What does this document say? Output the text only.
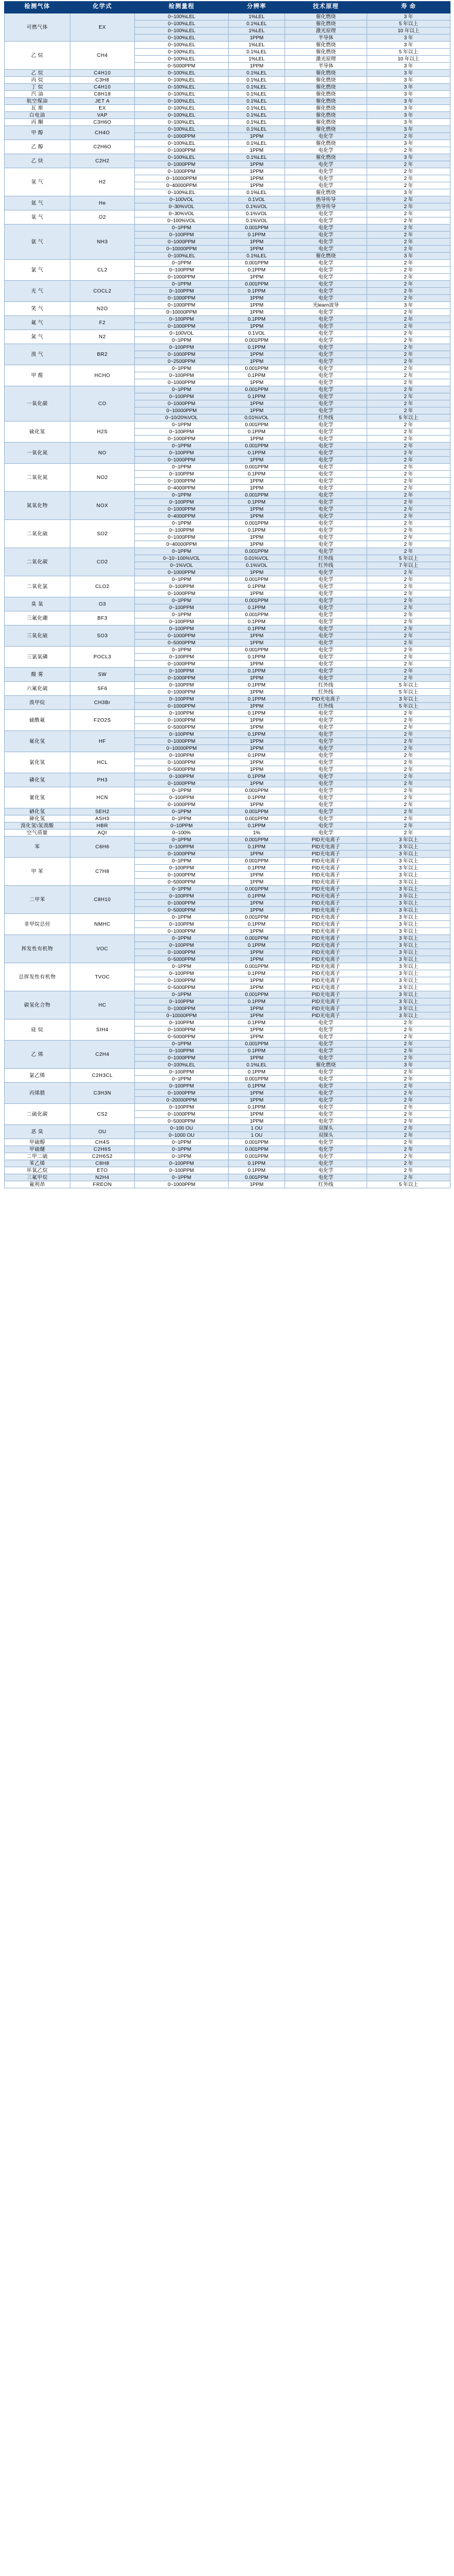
检测气体	化学式	检测量程	分辨率	技术原理	寿 命
可燃气体	EX	0~100%LEL	1%LEL	催化燃烧	3 年
		0~100%LEL	0.1%LEL	催化燃烧	5 年以上
		0~100%LEL	1%LEL	激光原理	10 年以上
		0~100%LEL	1PPM	半导体	3 年
乙 烷	CH4	0~100%LEL	1%LEL	催化燃烧	3 年
		0~100%LEL	0.1%LEL	催化燃烧	5 年以上
		0~100%LEL	1%LEL	激光原理	10 年以上
		0~5000PPM	1PPM	半导体	3 年
乙 烷	C4H10	0~100%LEL	0.1%LEL	催化燃烧	3 年
丙 烷	C3H8	0~100%LEL	0.1%LEL	催化燃烧	3 年
丁 烷	C4H10	0~100%LEL	0.1%LEL	催化燃烧	3 年
汽 油	C8H18	0~100%LEL	0.1%LEL	催化燃烧	3 年
航空煤油	JET A	0~100%LEL	0.1%LEL	催化燃烧	3 年
瓦 斯	EX	0~100%LEL	0.1%LEL	催化燃烧	3 年
白电油	VAP	0~100%LEL	0.1%LEL	催化燃烧	3 年
丙 酮	C3H6O	0~100%LEL	0.1%LEL	催化燃烧	3 年
甲 醇	CH4O	0~100%LEL	0.1%LEL	催化燃烧	3 年
		0~1000PPM	1PPM	电化学	2 年
乙 醇	C2H6O	0~100%LEL	0.1%LEL	催化燃烧	3 年
		0~1000PPM	1PPM	电化学	2 年
乙 炔	C2H2	0~100%LEL	0.1%LEL	催化燃烧	3 年
		0~1000PPM	1PPM	电化学	2 年
氢 气	H2	0~1000PPM	1PPM	电化学	2 年
		0~10000PPM	1PPM	电化学	2 年
		0~40000PPM	1PPM	电化学	2 年
		0~100%LEL	0.1%LEL	催化燃烧	3 年
氦 气	He	0~100VOL	0.1VOL	热导传导	2 年
		0~30%VOL	0.1%VOL	热导传导	2 年
氧 气	O2	0~30%VOL	0.1%VOL	电化学	2 年
		0~100%VOL	0.1%VOL	电化学	2 年
氨 气	NH3	0~1PPM	0.001PPM	电化学	2 年
		0~100PPM	0.1PPM	电化学	2 年
		0~1000PPM	1PPM	电化学	2 年
		0~10000PPM	1PPM	电化学	2 年
		0~100%LEL	0.1%LEL	催化燃烧	3 年
氯 气	CL2	0~1PPM	0.001PPM	电化学	2 年
		0~100PPM	0.1PPM	电化学	2 年
		0~1000PPM	1PPM	电化学	2 年
光 气	COCL2	0~1PPM	0.001PPM	电化学	2 年
		0~100PPM	0.1PPM	电化学	2 年
		0~1000PPM	1PPM	电化学	2 年
笑 气	N2O	0~1000PPM	1PPM	光learn波导	3 年
		0~10000PPM	1PPM	电化学	2 年
氟 气	F2	0~100PPM	0.1PPM	电化学	2 年
		0~1000PPM	1PPM	电化学	2 年
氮 气	N2	0~100VOL	0.1VOL	电化学	2 年
		0~1PPM	0.001PPM	电化学	2 年
溴 气	BR2	0~100PPM	0.1PPM	电化学	2 年
		0~1000PPM	1PPM	电化学	2 年
		0~2500PPM	1PPM	电化学	2 年
甲 醛	HCHO	0~1PPM	0.001PPM	电化学	2 年
		0~100PPM	0.1PPM	电化学	2 年
		0~1000PPM	1PPM	电化学	2 年
一氧化碳	CO	0~1PPM	0.001PPM	电化学	2 年
		0~100PPM	0.1PPM	电化学	2 年
		0~1000PPM	1PPM	电化学	2 年
		0~10000PPM	1PPM	电化学	2 年
		0~10/20%VOL	0.01%VOL	红外线	5 年以上
硫化氢	H2S	0~1PPM	0.001PPM	电化学	2 年
		0~100PPM	0.1PPM	电化学	2 年
		0~1000PPM	1PPM	电化学	2 年
一氧化氮	NO	0~1PPM	0.001PPM	电化学	2 年
		0~100PPM	0.1PPM	电化学	2 年
		0~1000PPM	1PPM	电化学	2 年
二氧化氮	NO2	0~1PPM	0.001PPM	电化学	2 年
		0~100PPM	0.1PPM	电化学	2 年
		0~1000PPM	1PPM	电化学	2 年
		0~4000PPM	1PPM	电化学	2 年
氮氧化物	NOX	0~1PPM	0.001PPM	电化学	2 年
		0~100PPM	0.1PPM	电化学	2 年
		0~1000PPM	1PPM	电化学	2 年
		0~4000PPM	1PPM	电化学	2 年
二氧化硫	SO2	0~1PPM	0.001PPM	电化学	2 年
		0~100PPM	0.1PPM	电化学	2 年
		0~1000PPM	1PPM	电化学	2 年
		0~40000PPM	1PPM	电化学	2 年
二氧化碳	CO2	0~1PPM	0.001PPM	电化学	2 年
		0~10~100%VOL	0.01%VOL	红外线	5 年以上
		0~1%VOL	0.1%VOL	红外线	7 年以上
		0~1000PPM	1PPM	电化学	2 年
二氧化氯	CLO2	0~1PPM	0.001PPM	电化学	2 年
		0~100PPM	0.1PPM	电化学	2 年
		0~1000PPM	1PPM	电化学	2 年
臭 氧	O3	0~1PPM	0.001PPM	电化学	2 年
		0~100PPM	0.1PPM	电化学	2 年
三氟化硼	BF3	0~1PPM	0.001PPM	电化学	2 年
		0~100PPM	0.1PPM	电化学	2 年
三氧化硫	SO3	0~100PPM	0.1PPM	电化学	2 年
		0~1000PPM	1PPM	电化学	2 年
		0~5000PPM	1PPM	电化学	2 年
三氯氧磷	POCL3	0~1PPM	0.001PPM	电化学	2 年
		0~100PPM	0.1PPM	电化学	2 年
		0~1000PPM	1PPM	电化学	2 年
酸 雾	SW	0~100PPM	0.1PPM	电化学	2 年
		0~1000PPM	1PPM	电化学	2 年
六氟化硫	SF6	0~100PPM	0.1PPM	红外线	5 年以上
		0~1000PPM	1PPM	红外线	5 年以上
溴甲烷	CH3Br	0~100PPM	0.1PPM	PID光电离子	3 年以上
		0~1000PPM	1PPM	红外线	5 年以上
硫酰氟	F2O2S	0~100PPM	0.1PPM	电化学	2 年
		0~1000PPM	1PPM	电化学	2 年
		0~5000PPM	1PPM	电化学	2 年
氟化氢	HF	0~100PPM	0.1PPM	电化学	2 年
		0~1000PPM	1PPM	电化学	2 年
		0~10000PPM	1PPM	电化学	2 年
氯化氢	HCL	0~100PPM	0.1PPM	电化学	2 年
		0~1000PPM	1PPM	电化学	2 年
		0~5000PPM	1PPM	电化学	2 年
磷化氢	PH3	0~100PPM	0.1PPM	电化学	2 年
		0~1000PPM	1PPM	电化学	2 年
氰化氢	HCN	0~1PPM	0.001PPM	电化学	2 年
		0~100PPM	0.1PPM	电化学	2 年
		0~1000PPM	1PPM	电化学	2 年
硒化氢	SEH2	0~1PPM	0.001PPM	电化学	2 年
砷化氢	ASH3	0~1PPM	0.001PPM	电化学	2 年
溴化氢\氢溴酸	HBR	0~10PPM	0.1PPM	电化学	2 年
空气质量	AQI	0~100%	1%	电化学	2 年
苯	C6H6	0~1PPM	0.001PPM	PID光电离子	3 年以上
		0~100PPM	0.1PPM	PID光电离子	3 年以上
		0~1000PPM	1PPM	PID光电离子	3 年以上
甲 苯	C7H8	0~1PPM	0.001PPM	PID光电离子	3 年以上
		0~100PPM	0.1PPM	PID光电离子	3 年以上
		0~1000PPM	1PPM	PID光电离子	3 年以上
		0~5000PPM	1PPM	PID光电离子	3 年以上
二甲苯	C8H10	0~1PPM	0.001PPM	PID光电离子	3 年以上
		0~100PPM	0.1PPM	PID光电离子	3 年以上
		0~1000PPM	1PPM	PID光电离子	3 年以上
		0~5000PPM	1PPM	PID光电离子	3 年以上
非甲烷总烃	NMHC	0~1PPM	0.001PPM	PID光电离子	3 年以上
		0~100PPM	0.1PPM	PID光电离子	3 年以上
		0~1000PPM	1PPM	PID光电离子	3 年以上
挥发性有机物	VOC	0~1PPM	0.001PPM	PID光电离子	3 年以上
		0~100PPM	0.1PPM	PID光电离子	3 年以上
		0~1000PPM	1PPM	PID光电离子	3 年以上
		0~5000PPM	1PPM	PID光电离子	3 年以上
总挥发性有机物	TVOC	0~1PPM	0.001PPM	PID光电离子	3 年以上
		0~100PPM	0.1PPM	PID光电离子	3 年以上
		0~1000PPM	1PPM	PID光电离子	3 年以上
		0~5000PPM	1PPM	PID光电离子	3 年以上
碳氢化合物	HC	0~1PPM	0.001PPM	PID光电离子	3 年以上
		0~100PPM	0.1PPM	PID光电离子	3 年以上
		0~1000PPM	1PPM	PID光电离子	3 年以上
		0~10000PPM	1PPM	PID光电离子	3 年以上
硅 烷	SIH4	0~100PPM	0.1PPM	电化学	2 年
		0~1000PPM	1PPM	电化学	2 年
		0~5000PPM	1PPM	电化学	2 年
乙 烯	C2H4	0~1PPM	0.001PPM	电化学	2 年
		0~100PPM	0.1PPM	电化学	2 年
		0~1000PPM	1PPM	电化学	2 年
		0~100%LEL	0.1%LEL	催化燃烧	3 年
氯乙烯	C2H3CL	0~100PPM	0.1PPM	电化学	2 年
		0~1PPM	0.001PPM	电化学	2 年
丙烯腈	C3H3N	0~100PPM	0.1PPM	电化学	2 年
		0~1000PPM	1PPM	电化学	2 年
		0~20000PPM	1PPM	电化学	2 年
二硫化碳	CS2	0~100PPM	0.1PPM	电化学	2 年
		0~1000PPM	1PPM	电化学	2 年
		0~5000PPM	1PPM	电化学	2 年
恶 臭	OU	0~100 OU	1 OU	双探头	2 年
		0~1000 OU	1 OU	双探头	2 年
甲硫醇	CH4S	0~1PPM	0.001PPM	电化学	2 年
甲硫醚	C2H6S	0~1PPM	0.001PPM	电化学	2 年
二甲二硫	C2H6S2	0~1PPM	0.001PPM	电化学	2 年
苯乙烯	C8H8	0~100PPM	0.1PPM	电化学	2 年
环氧乙烷	ETO	0~100PPM	0.1PPM	电化学	2 年
三氟甲烷	N2H4	0~1PPM	0.001PPM	电化学	2 年
氟利昂	FREON	0~1000PPM	1PPM	红外线	5 年以上
